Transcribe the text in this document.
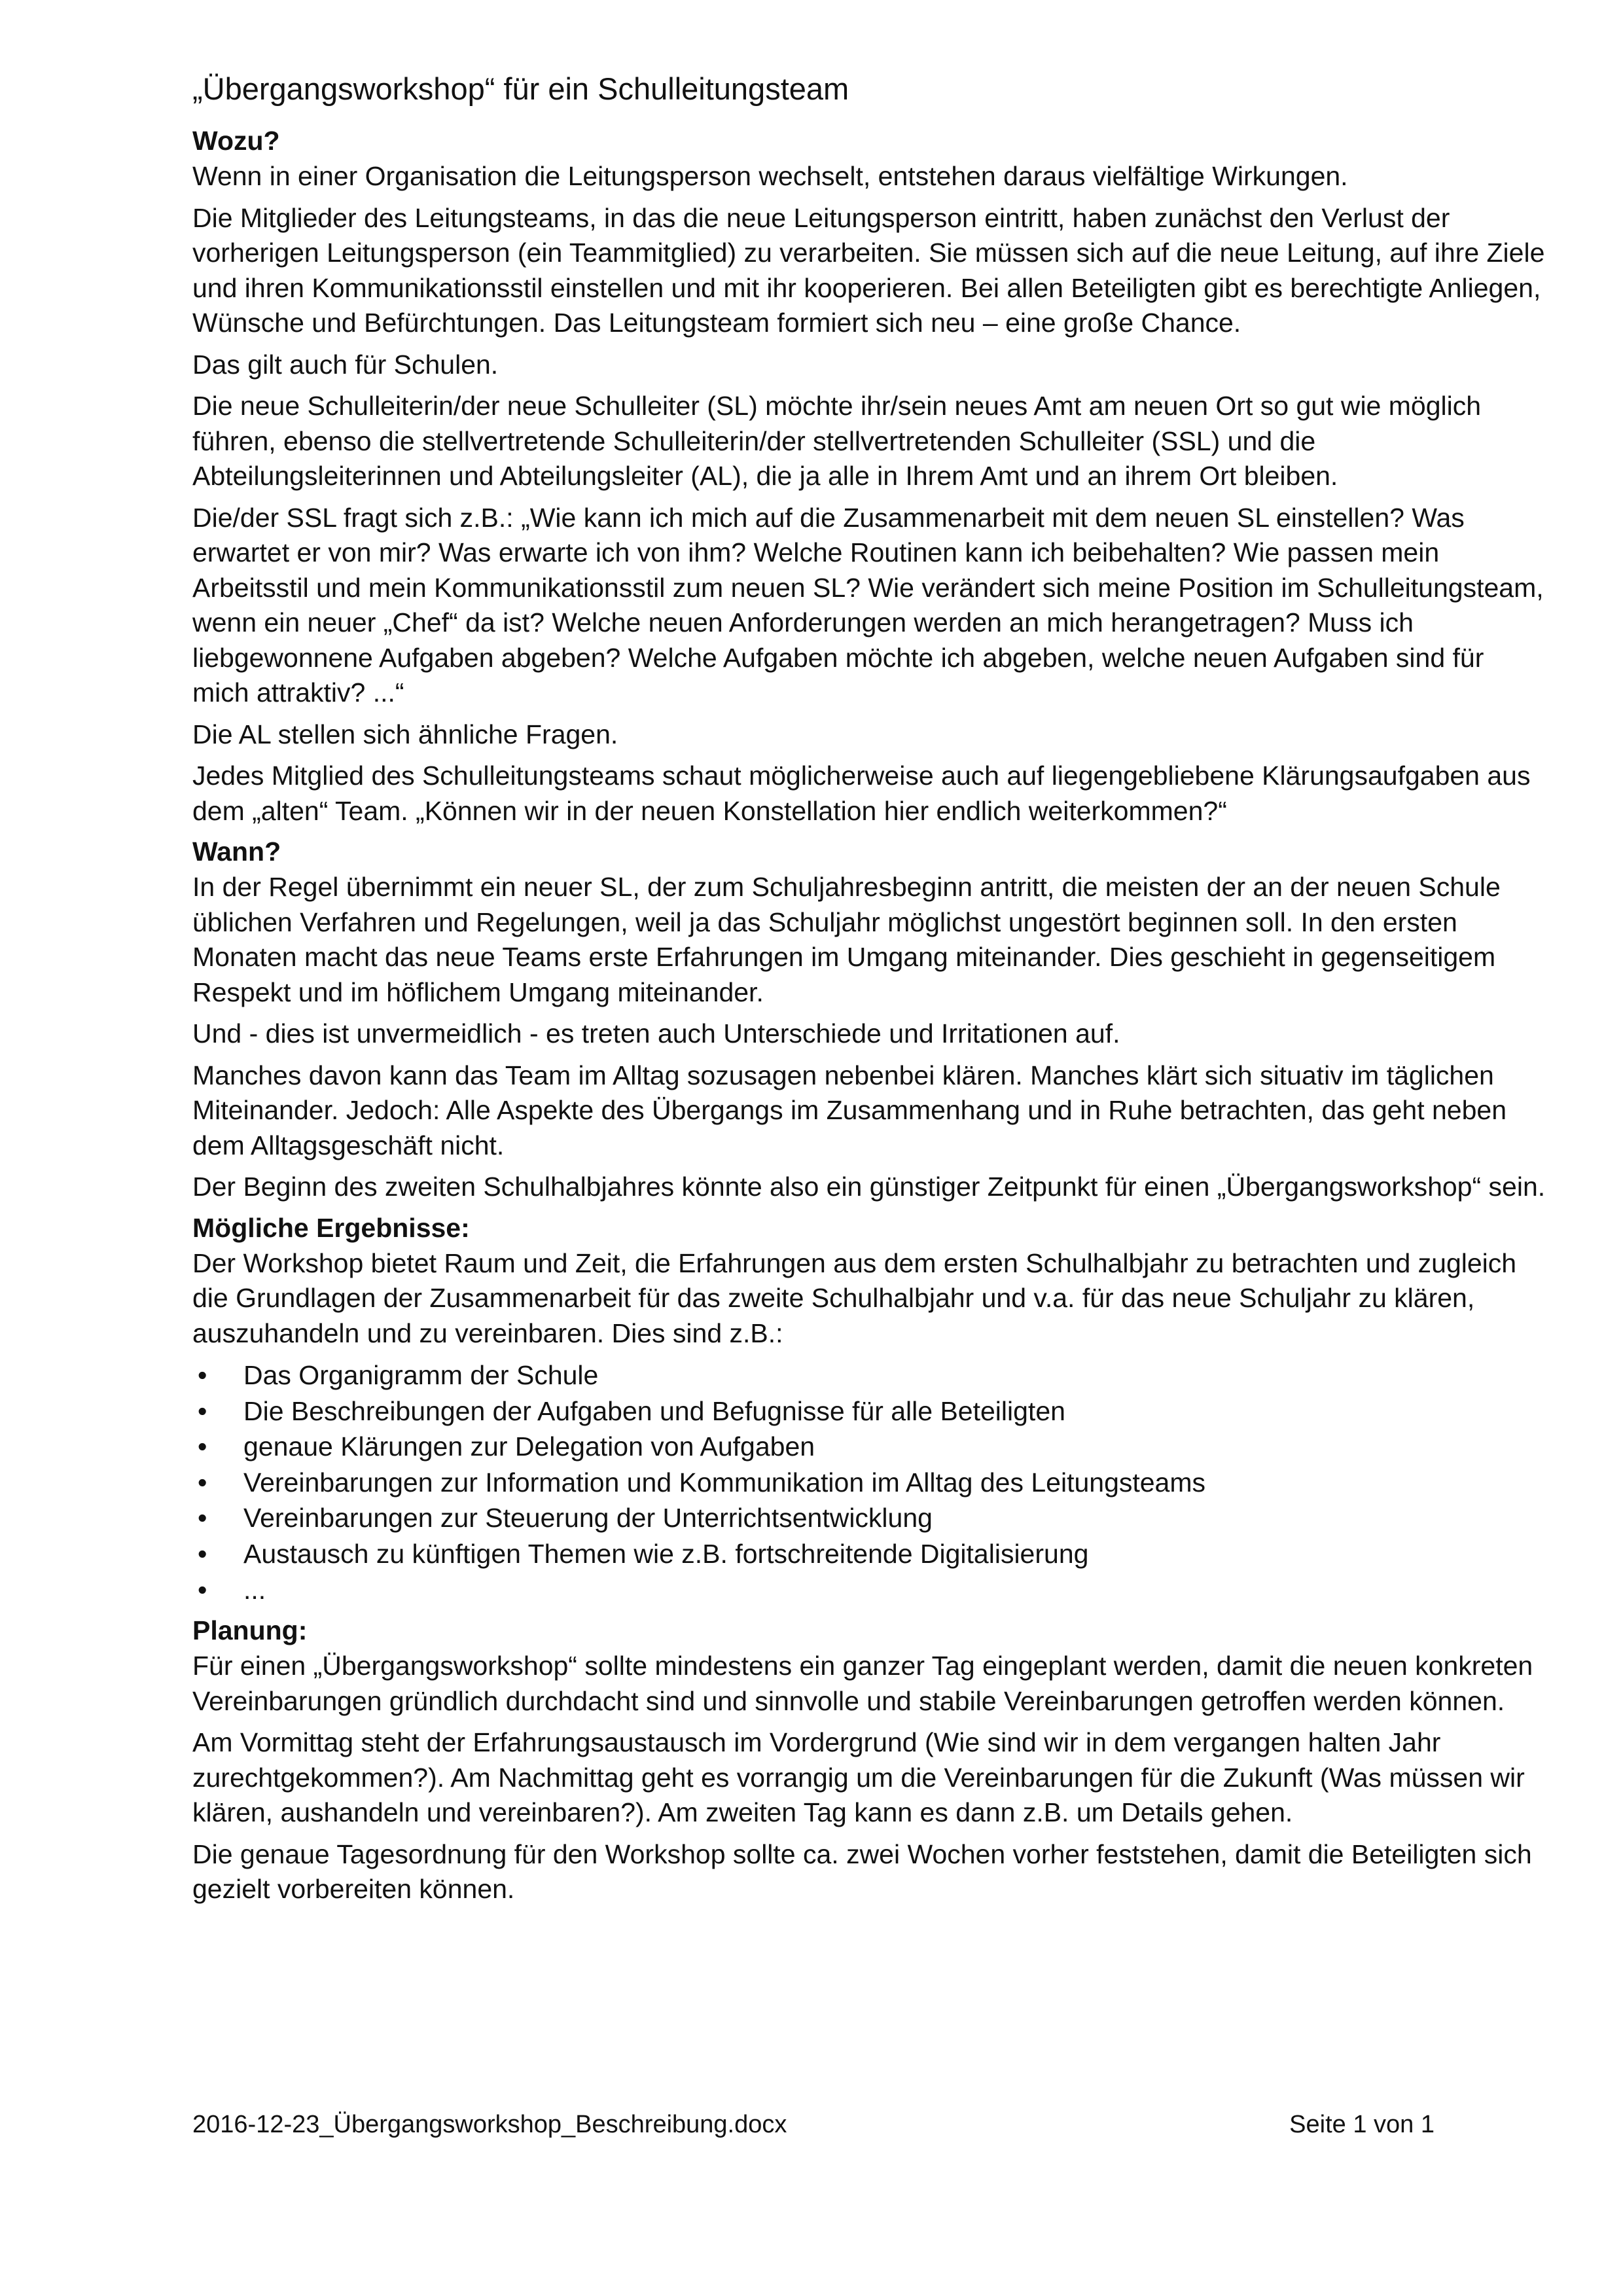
„Übergangsworkshop“ für ein Schulleitungsteam
Wozu?

Wenn in einer Organisation die Leitungsperson wechselt, entstehen daraus vielfältige Wirkungen.

Die Mitglieder des Leitungsteams, in das die neue Leitungsperson eintritt, haben zunächst den Verlust der vorherigen Leitungsperson (ein Teammitglied) zu verarbeiten. Sie müssen sich auf die neue Leitung, auf ihre Ziele und ihren Kommunikationsstil einstellen und mit ihr kooperieren. Bei allen Beteiligten gibt es berechtigte Anliegen, Wünsche und Befürchtungen. Das Leitungsteam formiert sich neu – eine große Chance.

Das gilt auch für Schulen.

Die neue Schulleiterin/der neue Schulleiter (SL) möchte ihr/sein neues Amt am neuen Ort so gut wie möglich führen, ebenso die stellvertretende Schulleiterin/der stellvertretenden Schulleiter (SSL) und die Abteilungsleiterinnen und Abteilungsleiter (AL), die ja alle in Ihrem Amt und an ihrem Ort bleiben.

Die/der SSL fragt sich z.B.: „Wie kann ich mich auf die Zusammenarbeit mit dem neuen SL einstellen? Was erwartet er von mir? Was erwarte ich von ihm? Welche Routinen kann ich beibehalten? Wie passen mein Arbeitsstil und mein Kommunikationsstil zum neuen SL? Wie verändert sich meine Position im Schulleitungsteam, wenn ein neuer „Chef“ da ist? Welche neuen Anforderungen werden an mich herangetragen? Muss ich liebgewonnene Aufgaben abgeben? Welche Aufgaben möchte ich abgeben, welche neuen Aufgaben sind für mich attraktiv? ...“

Die AL stellen sich ähnliche Fragen.

Jedes Mitglied des Schulleitungsteams schaut möglicherweise auch auf liegengebliebene Klärungsaufgaben aus dem „alten“ Team. „Können wir in der neuen Konstellation hier endlich weiterkommen?“

Wann?

In der Regel übernimmt ein neuer SL, der zum Schuljahresbeginn antritt, die meisten der an der neuen Schule üblichen Verfahren und Regelungen, weil ja das Schuljahr möglichst ungestört beginnen soll. In den ersten Monaten macht das neue Teams erste Erfahrungen im Umgang miteinander. Dies geschieht in gegenseitigem Respekt und im höflichem Umgang miteinander.

Und - dies ist unvermeidlich - es treten auch Unterschiede und Irritationen auf.

Manches davon kann das Team im Alltag sozusagen nebenbei klären. Manches klärt sich situativ im täglichen Miteinander. Jedoch: Alle Aspekte des Übergangs im Zusammenhang und in Ruhe betrachten, das geht neben dem Alltagsgeschäft nicht.

Der Beginn des zweiten Schulhalbjahres könnte also ein günstiger Zeitpunkt für einen „Übergangsworkshop“ sein.

Mögliche Ergebnisse:

Der Workshop bietet Raum und Zeit, die Erfahrungen aus dem ersten Schulhalbjahr zu betrachten und zugleich die Grundlagen der Zusammenarbeit für das zweite Schulhalbjahr und v.a. für das neue Schuljahr zu klären, auszuhandeln und zu vereinbaren. Dies sind z.B.:

• Das Organigramm der Schule
• Die Beschreibungen der Aufgaben und Befugnisse für alle Beteiligten
• genaue Klärungen zur Delegation von Aufgaben
• Vereinbarungen zur Information und Kommunikation im Alltag des Leitungsteams
• Vereinbarungen zur Steuerung der Unterrichtsentwicklung
• Austausch zu künftigen Themen wie z.B. fortschreitende Digitalisierung
• ...
Planung:

Für einen „Übergangsworkshop“ sollte mindestens ein ganzer Tag eingeplant werden, damit die neuen konkreten Vereinbarungen gründlich durchdacht sind und sinnvolle und stabile Vereinbarungen getroffen werden können.

Am Vormittag steht der Erfahrungsaustausch im Vordergrund (Wie sind wir in dem vergangen halten Jahr zurechtgekommen?). Am Nachmittag geht es vorrangig um die Vereinbarungen für die Zukunft (Was müssen wir klären, aushandeln und vereinbaren?). Am zweiten Tag kann es dann z.B. um Details gehen.

Die genaue Tagesordnung für den Workshop sollte ca. zwei Wochen vorher feststehen, damit die Beteiligten sich gezielt vorbereiten können.

2016-12-23_Übergangsworkshop_Beschreibung.docx	Seite 1 von 1
